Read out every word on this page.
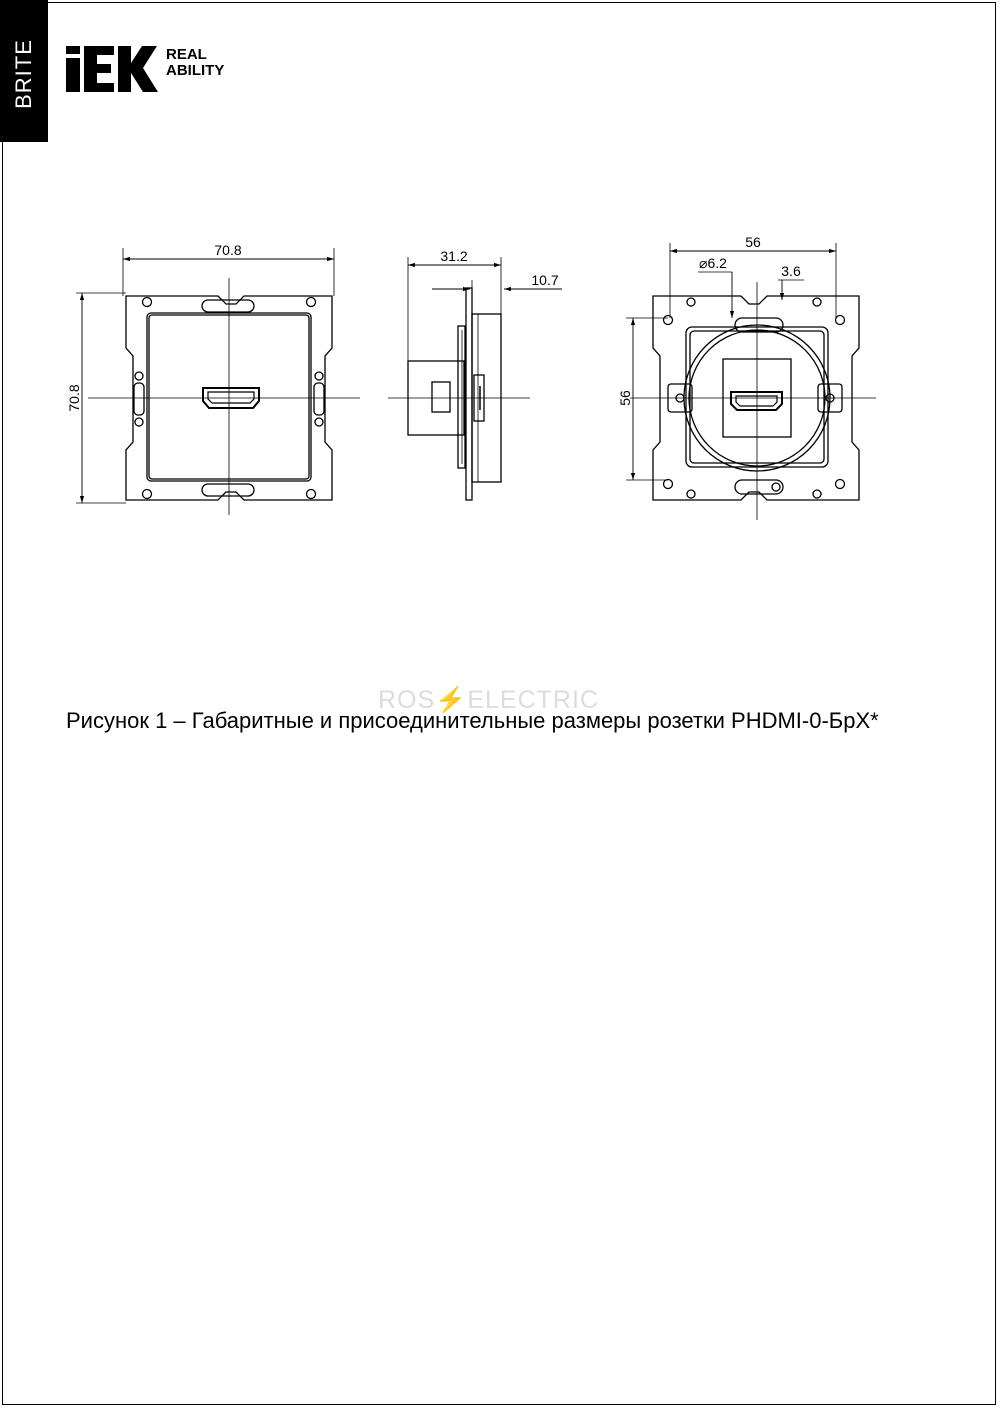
BRITE	REAL
ABILITY
70.8
70.8
31.2
10.7
56
⌀6.2	3.6
56
ROS⚡ELECTRIC
Рисунок 1 – Габаритные и присоединительные размеры розетки PHDMI-0-БрХ*
